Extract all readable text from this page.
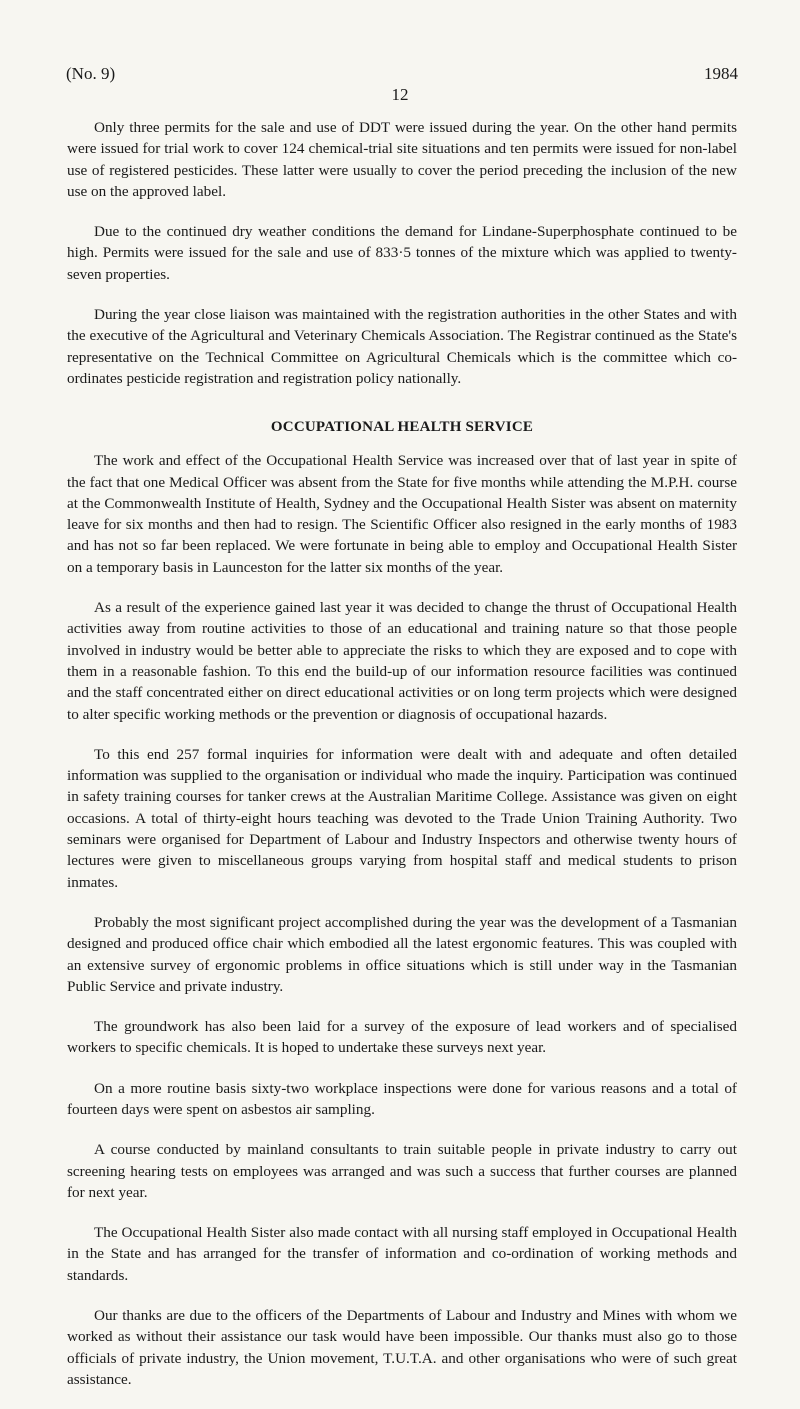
(No. 9)	1984
12

Only three permits for the sale and use of DDT were issued during the year. On the other hand permits were issued for trial work to cover 124 chemical-trial site situations and ten permits were issued for non-label use of registered pesticides. These latter were usually to cover the period preceding the inclusion of the new use on the approved label.

Due to the continued dry weather conditions the demand for Lindane-Superphosphate continued to be high. Permits were issued for the sale and use of 833·5 tonnes of the mixture which was applied to twenty-seven properties.

During the year close liaison was maintained with the registration authorities in the other States and with the executive of the Agricultural and Veterinary Chemicals Association. The Registrar continued as the State's representative on the Technical Committee on Agricultural Chemicals which is the committee which co-ordinates pesticide registration and registration policy nationally.

OCCUPATIONAL HEALTH SERVICE

The work and effect of the Occupational Health Service was increased over that of last year in spite of the fact that one Medical Officer was absent from the State for five months while attending the M.P.H. course at the Commonwealth Institute of Health, Sydney and the Occupational Health Sister was absent on maternity leave for six months and then had to resign. The Scientific Officer also resigned in the early months of 1983 and has not so far been replaced. We were fortunate in being able to employ and Occupational Health Sister on a temporary basis in Launceston for the latter six months of the year.

As a result of the experience gained last year it was decided to change the thrust of Occupational Health activities away from routine activities to those of an educational and training nature so that those people involved in industry would be better able to appreciate the risks to which they are exposed and to cope with them in a reasonable fashion. To this end the build-up of our information resource facilities was continued and the staff concentrated either on direct educational activities or on long term projects which were designed to alter specific working methods or the prevention or diagnosis of occupational hazards.

To this end 257 formal inquiries for information were dealt with and adequate and often detailed information was supplied to the organisation or individual who made the inquiry. Participation was continued in safety training courses for tanker crews at the Australian Maritime College. Assistance was given on eight occasions. A total of thirty-eight hours teaching was devoted to the Trade Union Training Authority. Two seminars were organised for Department of Labour and Industry Inspectors and otherwise twenty hours of lectures were given to miscellaneous groups varying from hospital staff and medical students to prison inmates.

Probably the most significant project accomplished during the year was the development of a Tasmanian designed and produced office chair which embodied all the latest ergonomic features. This was coupled with an extensive survey of ergonomic problems in office situations which is still under way in the Tasmanian Public Service and private industry.

The groundwork has also been laid for a survey of the exposure of lead workers and of specialised workers to specific chemicals. It is hoped to undertake these surveys next year.

On a more routine basis sixty-two workplace inspections were done for various reasons and a total of fourteen days were spent on asbestos air sampling.

A course conducted by mainland consultants to train suitable people in private industry to carry out screening hearing tests on employees was arranged and was such a success that further courses are planned for next year.

The Occupational Health Sister also made contact with all nursing staff employed in Occupational Health in the State and has arranged for the transfer of information and co-ordination of working methods and standards.

Our thanks are due to the officers of the Departments of Labour and Industry and Mines with whom we worked as without their assistance our task would have been impossible. Our thanks must also go to those officials of private industry, the Union movement, T.U.T.A. and other organisations who were of such great assistance.
